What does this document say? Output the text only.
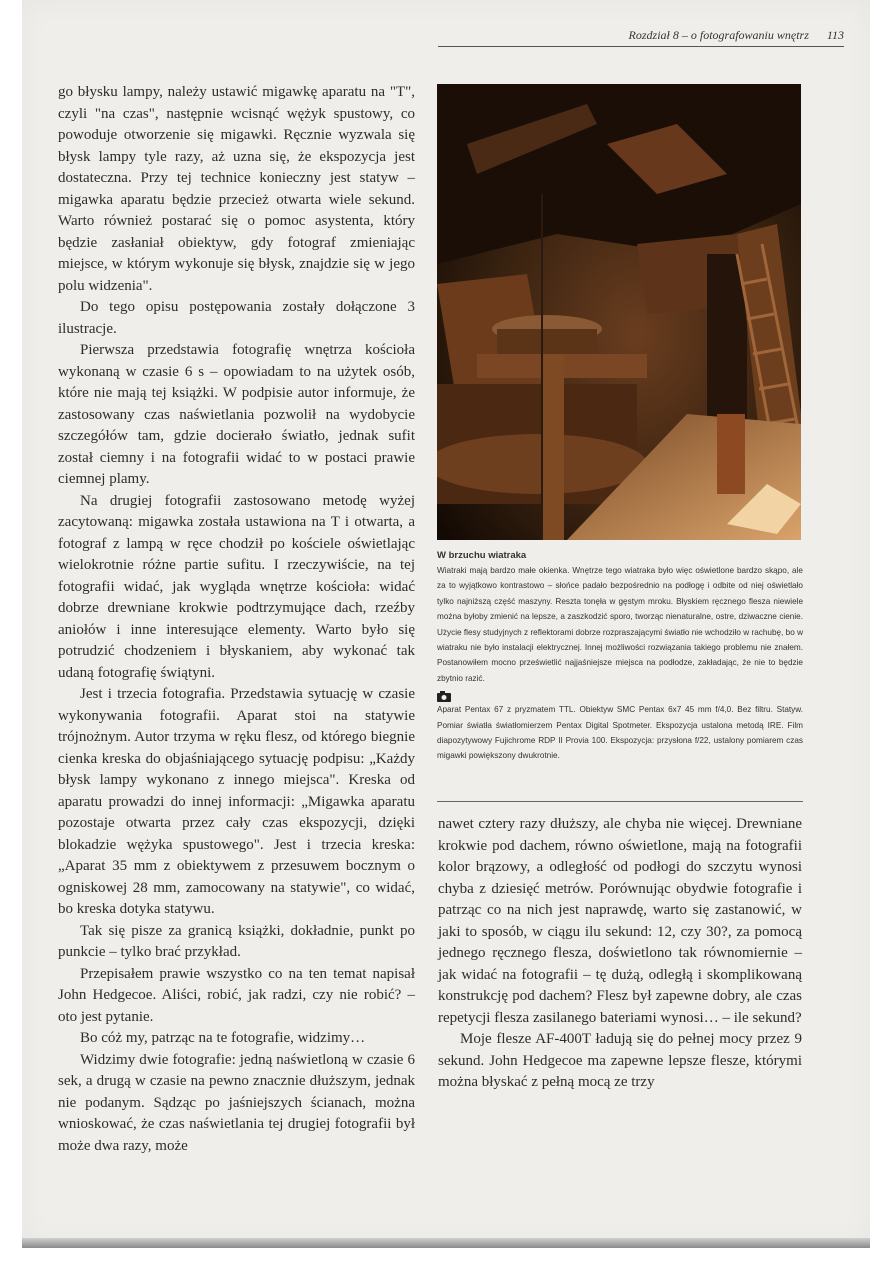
Rozdział 8 – o fotografowaniu wnętrz 113

go błysku lampy, należy ustawić migawkę aparatu na "T", czyli "na czas", następnie wcisnąć wężyk spustowy, co powoduje otworzenie się migawki. Ręcznie wyzwala się błysk lampy tyle razy, aż uzna się, że ekspozycja jest dostateczna. Przy tej technice konieczny jest statyw – migawka aparatu będzie przecież otwarta wiele sekund. Warto również postarać się o pomoc asystenta, który będzie zasłaniał obiektyw, gdy fotograf zmieniając miejsce, w którym wykonuje się błysk, znajdzie się w jego polu widzenia".

Do tego opisu postępowania zostały dołączone 3 ilustracje.

Pierwsza przedstawia fotografię wnętrza kościoła wykonaną w czasie 6 s – opowiadam to na użytek osób, które nie mają tej książki. W podpisie autor informuje, że zastosowany czas naświetlania pozwolił na wydobycie szczegółów tam, gdzie docierało światło, jednak sufit został ciemny i na fotografii widać to w postaci prawie ciemnej plamy.

Na drugiej fotografii zastosowano metodę wyżej zacytowaną: migawka została ustawiona na T i otwarta, a fotograf z lampą w ręce chodził po kościele oświetlając wielokrotnie różne partie sufitu. I rzeczywiście, na tej fotografii widać, jak wygląda wnętrze kościoła: widać dobrze drewniane krokwie podtrzymujące dach, rzeźby aniołów i inne interesujące elementy. Warto było się potrudzić chodzeniem i błyskaniem, aby wykonać tak udaną fotografię świątyni.

Jest i trzecia fotografia. Przedstawia sytuację w czasie wykonywania fotografii. Aparat stoi na statywie trójnożnym. Autor trzyma w ręku flesz, od którego biegnie cienka kreska do objaśniającego sytuację podpisu: „Każdy błysk lampy wykonano z innego miejsca". Kreska od aparatu prowadzi do innej informacji: „Migawka aparatu pozostaje otwarta przez cały czas ekspozycji, dzięki blokadzie wężyka spustowego". Jest i trzecia kreska: „Aparat 35 mm z obiektywem z przesuwem bocznym o ogniskowej 28 mm, zamocowany na statywie", co widać, bo kreska dotyka statywu.

Tak się pisze za granicą książki, dokładnie, punkt po punkcie – tylko brać przykład.

Przepisałem prawie wszystko co na ten temat napisał John Hedgecoe. Aliści, robić, jak radzi, czy nie robić? – oto jest pytanie.

Bo cóż my, patrząc na te fotografie, widzimy…

Widzimy dwie fotografie: jedną naświetloną w czasie 6 sek, a drugą w czasie na pewno znacznie dłuższym, jednak nie podanym. Sądząc po jaśniejszych ścianach, można wnioskować, że czas naświetlania tej drugiej fotografii był może dwa razy, może

W brzuchu wiatraka

Wiatraki mają bardzo małe okienka. Wnętrze tego wiatraka było więc oświetlone bardzo skąpo, ale za to wyjątkowo kontrastowo – słońce padało bezpośrednio na podłogę i odbite od niej oświetlało tylko najniższą część maszyny. Reszta tonęła w gęstym mroku. Błyskiem ręcznego flesza niewiele można byłoby zmienić na lepsze, a zaszkodzić sporo, tworząc nienaturalne, ostre, dziwaczne cienie. Użycie flesy studyjnych z reflektorami dobrze rozpraszającymi światło nie wchodziło w rachubę, bo w wiatraku nie było instalacji elektrycznej. Innej możliwości rozwiązania takiego problemu nie znałem. Postanowiłem mocno prześwietlić najjaśniejsze miejsca na podłodze, zakładając, że nie to będzie zbytnio razić.

Aparat Pentax 67 z pryzmatem TTL. Obiektyw SMC Pentax 6x7 45 mm f/4,0. Bez filtru. Statyw. Pomiar światła światłomierzem Pentax Digital Spotmeter. Ekspozycja ustalona metodą IRE. Film diapozytywowy Fujichrome RDP II Provia 100. Ekspozycja: przysłona f/22, ustalony pomiarem czas migawki powiększony dwukrotnie.

nawet cztery razy dłuższy, ale chyba nie więcej. Drewniane krokwie pod dachem, równo oświetlone, mają na fotografii kolor brązowy, a odległość od podłogi do szczytu wynosi chyba z dziesięć metrów. Porównując obydwie fotografie i patrząc co na nich jest naprawdę, warto się zastanowić, w jaki to sposób, w ciągu ilu sekund: 12, czy 30?, za pomocą jednego ręcznego flesza, doświetlono tak równomiernie – jak widać na fotografii – tę dużą, odległą i skomplikowaną konstrukcję pod dachem? Flesz był zapewne dobry, ale czas repetycji flesza zasilanego bateriami wynosi… – ile sekund?

Moje flesze AF-400T ładują się do pełnej mocy przez 9 sekund. John Hedgecoe ma zapewne lepsze flesze, którymi można błyskać z pełną mocą ze trzy
